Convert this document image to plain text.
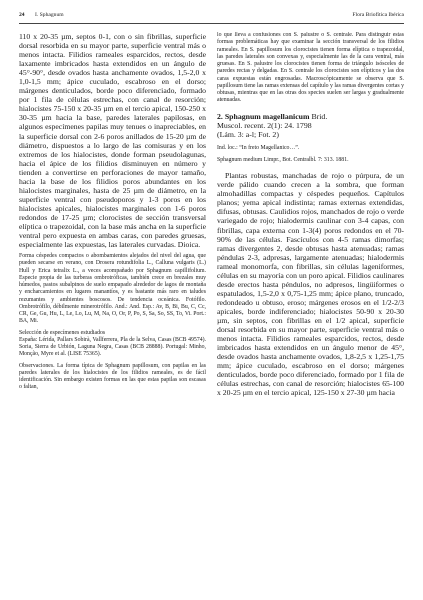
24 I. Sphagnum	Flora Briofítica Ibérica

110 x 20-35 µm, septos 0-1, con o sin fibrillas, superficie dorsal resorbida en su mayor parte, superficie ventral más o menos intacta. Filidios rameales esparcidos, rectos, desde laxamente imbricados hasta extendidos en un ángulo de 45°-90°, desde ovados hasta anchamente ovados, 1,5-2,0 x 1,0-1,5 mm; ápice cuculado, escabroso en el dorso; márgenes denticulados, borde poco diferenciado, formado por 1 fila de células estrechas, con canal de resorción; hialocistes 75-150 x 20-35 µm en el tercio apical, 150-250 x 30-35 µm hacia la base, paredes laterales papilosas, en algunos especímenes papilas muy tenues o inapreciables, en la superficie dorsal con 2-6 poros anillados de 15-20 µm de diámetro, dispuestos a lo largo de las comisuras y en los extremos de los hialocistes, donde forman pseudolagunas, hacia el ápice de los filidios disminuyen en número y tienden a convertirse en perforaciones de mayor tamaño, hacia la base de los filidios poros abundantes en los hialocistes marginales, hasta de 25 µm de diámetro, en la superficie ventral con pseudoporos y 1-3 poros en los hialocistes apicales, hialocistes marginales con 1-6 poros redondos de 17-25 µm; clorocistes de sección transversal elíptica o trapezoidal, con la base más ancha en la superficie ventral pero expuesta en ambas caras, con paredes gruesas, especialmente las expuestas, las laterales curvadas. Dioica.

Forma céspedes compactos o abombamientos alejados del nivel del agua, que pueden secarse en verano, con Drosera rotundifolia L., Calluna vulgaris (L.) Hull y Erica tetralix L., a veces acompañado por Sphagnum capillifolium. Especie propia de las turberas ombrotróficas, también crece en brezales muy húmedos, pastos subalpinos de suelo empapado alrededor de lagos de montaña y encharcamientos en lugares manantíos, y es bastante más raro en taludes rezumantes y ambientes boscosos. De tendencia oceánica. Fotófilo. Ombrotrófilo, débilmente minerotrófilo. And.: And. Esp.: Av, B, Bi, Bu, C, Cc, CR, Ge, Gu, Hu, L, Le, Lo, Lu, M, Na, O, Or, P, Po, S, Sa, So, SS, To, Vi. Port.: BA, Mi.

Selección de especímenes estudiados

España: Lérida, Pallars Sobirà, Vallferrera, Pla de la Selva, Casas (BCB 49574). Soria, Sierra de Urbión, Laguna Negra, Casas (BCB 28888). Portugal: Minho, Monção, Myre et al. (LISE 75365).

Observaciones. La forma típica de Sphagnum papillosum, con papilas en las paredes laterales de los hialocistes de los filidios rameales, es de fácil identificación. Sin embargo existen formas en las que estas papilas son escasas o faltan,

lo que lleva a confusiones con S. palustre o S. centrale. Para distinguir estas formas problemáticas hay que examinar la sección transversal de los filidios rameales. En S. papillosum los clorocistes tienen forma elíptica o trapezoidal, las paredes laterales son convexas y, especialmente las de la cara ventral, más gruesas. En S. palustre los clorocistes tienen forma de triángulo isósceles de paredes rectas y delgadas. En S. centrale los clorocistes son elípticos y las dos caras expuestas están engrosadas. Macroscópicamente se observa que S. papillosum tiene las ramas extensas del capítulo y las ramas divergentes cortas y obtusas, mientras que en las otras dos species suelen ser largas y gradualmente atenuadas.

2. Sphagnum magellanicum Brid.

Muscol. recent. 2(1): 24. 1798

(Lám. 3: a-l; Fot. 2)

Ind. loc.: “In freto Magellanico…”.

Sphagnum medium Limpr., Bot. Centralbl. 7: 313. 1881.

Plantas robustas, manchadas de rojo o púrpura, de un verde pálido cuando crecen a la sombra, que forman almohadillas compactas y céspedes pequeños. Capítulos planos; yema apical indistinta; ramas externas extendidas, difusas, obtusas. Caulidios rojos, manchados de rojo o verde variegado de rojo; hialodermis caulinar con 3-4 capas, con fibrillas, capa externa con 1-3(4) poros redondos en el 70-90% de las células. Fascículos con 4-5 ramas dimorfas; ramas divergentes 2, desde obtusas hasta atenuadas; ramas péndulas 2-3, adpresas, largamente atenuadas; hialodermis rameal monomorfa, con fibrillas, sin células lageniformes, células en su mayoría con un poro apical. Filidios caulinares desde erectos hasta péndulos, no adpresos, lingüiformes o espatulados, 1,5-2,0 x 0,75-1,25 mm; ápice plano, truncado, redondeado u obtuso, eroso; márgenes erosos en el 1/2-2/3 apicales, borde indiferenciado; hialocistes 50-90 x 20-30 µm, sin septos, con fibrillas en el 1/2 apical, superficie dorsal resorbida en su mayor parte, superficie ventral más o menos intacta. Filidios rameales esparcidos, rectos, desde imbricados hasta extendidos en un ángulo menor de 45°, desde ovados hasta anchamente ovados, 1,8-2,5 x 1,25-1,75 mm; ápice cuculado, escabroso en el dorso; márgenes denticulados, borde poco diferenciado, formado por 1 fila de células estrechas, con canal de resorción; hialocistes 65-100 x 20-25 µm en el tercio apical, 125-150 x 27-30 µm hacia
